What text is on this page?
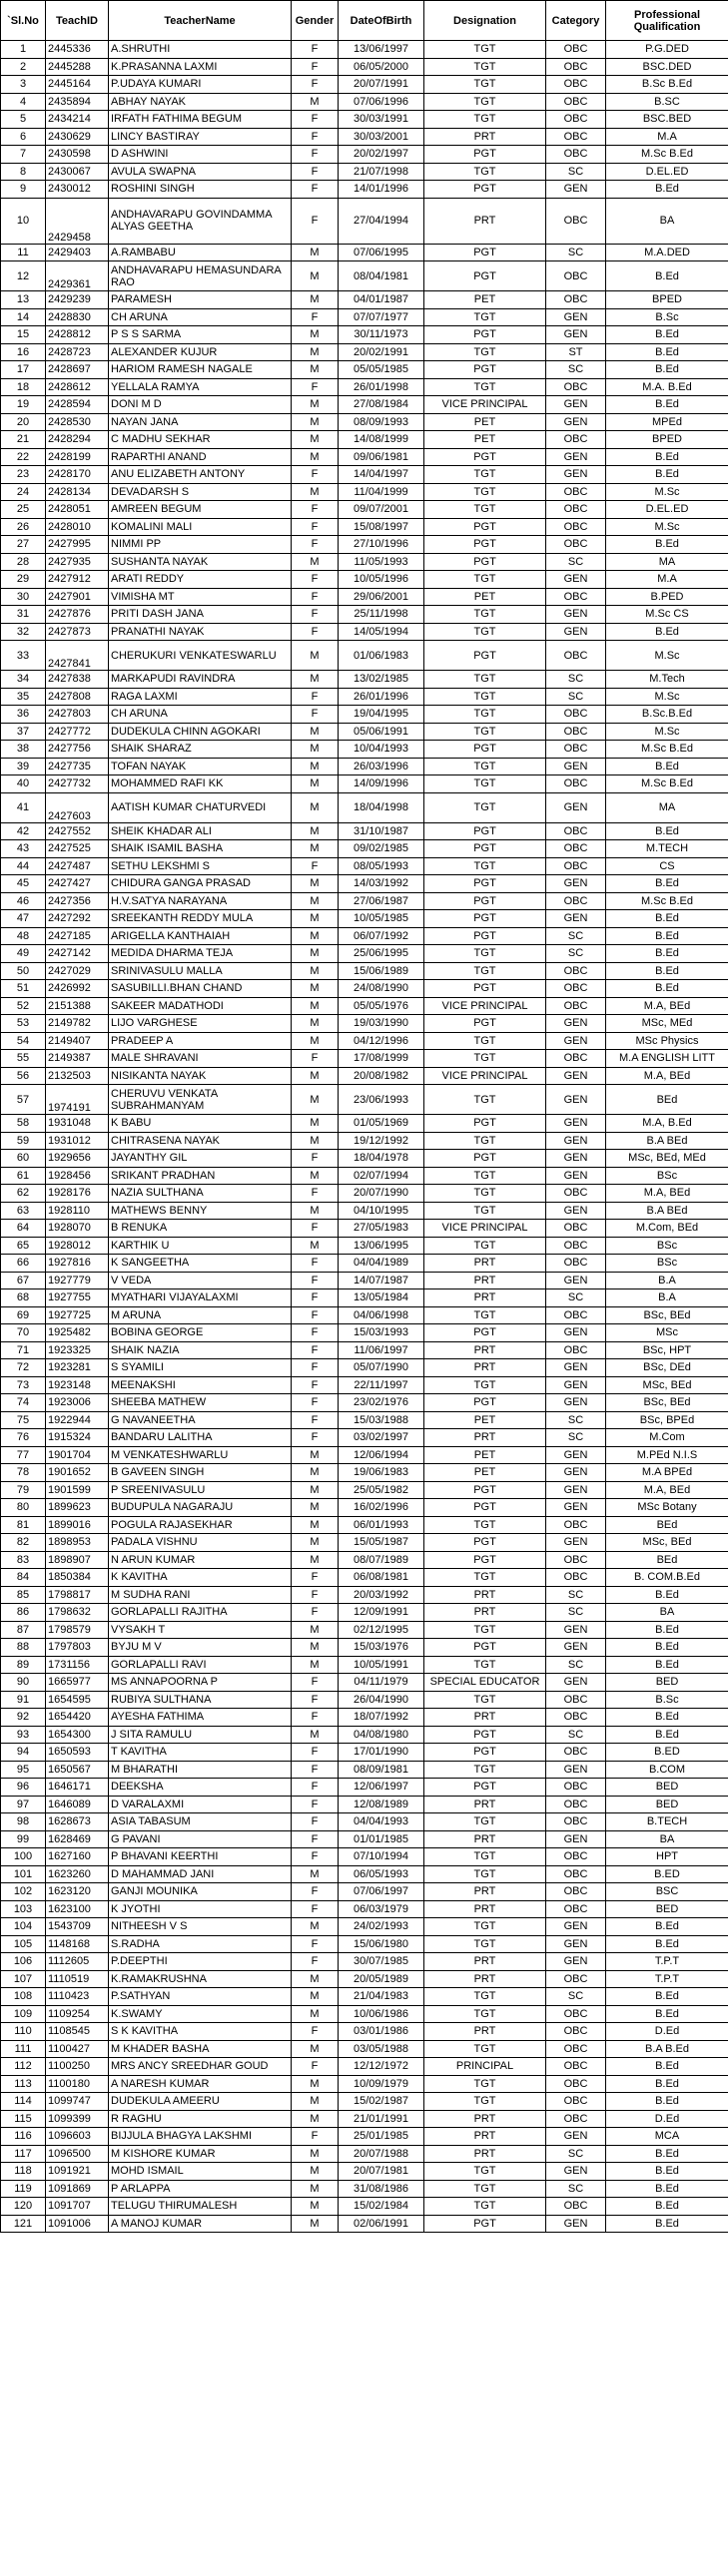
`Sl.No	TeachID	TeacherName	Gender	DateOfBirth	Designation	Category	Professional Qualification
1	2445336	A.SHRUTHI	F	13/06/1997	TGT	OBC	P.G.DED
2	2445288	K.PRASANNA LAXMI	F	06/05/2000	TGT	OBC	BSC.DED
3	2445164	P.UDAYA KUMARI	F	20/07/1991	TGT	OBC	B.Sc B.Ed
4	2435894	ABHAY NAYAK	M	07/06/1996	TGT	OBC	B.SC
5	2434214	IRFATH FATHIMA BEGUM	F	30/03/1991	TGT	OBC	BSC.BED
6	2430629	LINCY BASTIRAY	F	30/03/2001	PRT	OBC	M.A
7	2430598	D ASHWINI	F	20/02/1997	PGT	OBC	M.Sc B.Ed
8	2430067	AVULA SWAPNA	F	21/07/1998	TGT	SC	D.EL.ED
9	2430012	ROSHINI SINGH	F	14/01/1996	PGT	GEN	B.Ed
10	2429458	ANDHAVARAPU GOVINDAMMA ALYAS GEETHA	F	27/04/1994	PRT	OBC	BA
11	2429403	A.RAMBABU	M	07/06/1995	PGT	SC	M.A.DED
12	2429361	ANDHAVARAPU HEMASUNDARA RAO	M	08/04/1981	PGT	OBC	B.Ed
13	2429239	PARAMESH	M	04/01/1987	PET	OBC	BPED
14	2428830	CH ARUNA	F	07/07/1977	TGT	GEN	B.Sc
15	2428812	P S S SARMA	M	30/11/1973	PGT	GEN	B.Ed
16	2428723	ALEXANDER KUJUR	M	20/02/1991	TGT	ST	B.Ed
17	2428697	HARIOM RAMESH NAGALE	M	05/05/1985	PGT	SC	B.Ed
18	2428612	YELLALA RAMYA	F	26/01/1998	TGT	OBC	M.A. B.Ed
19	2428594	DONI M D	M	27/08/1984	VICE PRINCIPAL	GEN	B.Ed
20	2428530	NAYAN JANA	M	08/09/1993	PET	GEN	MPEd
21	2428294	C MADHU SEKHAR	M	14/08/1999	PET	OBC	BPED
22	2428199	RAPARTHI ANAND	M	09/06/1981	PGT	GEN	B.Ed
23	2428170	ANU ELIZABETH ANTONY	F	14/04/1997	TGT	GEN	B.Ed
24	2428134	DEVADARSH S	M	11/04/1999	TGT	OBC	M.Sc
25	2428051	AMREEN BEGUM	F	09/07/2001	TGT	OBC	D.EL.ED
26	2428010	KOMALINI MALI	F	15/08/1997	PGT	OBC	M.Sc
27	2427995	NIMMI PP	F	27/10/1996	PGT	OBC	B.Ed
28	2427935	SUSHANTA NAYAK	M	11/05/1993	PGT	SC	MA
29	2427912	ARATI REDDY	F	10/05/1996	TGT	GEN	M.A
30	2427901	VIMISHA MT	F	29/06/2001	PET	OBC	B.PED
31	2427876	PRITI DASH JANA	F	25/11/1998	TGT	GEN	M.Sc CS
32	2427873	PRANATHI NAYAK	F	14/05/1994	TGT	GEN	B.Ed
33	2427841	CHERUKURI VENKATESWARLU	M	01/06/1983	PGT	OBC	M.Sc
34	2427838	MARKAPUDI RAVINDRA	M	13/02/1985	TGT	SC	M.Tech
35	2427808	RAGA LAXMI	F	26/01/1996	TGT	SC	M.Sc
36	2427803	CH ARUNA	F	19/04/1995	TGT	OBC	B.Sc.B.Ed
37	2427772	DUDEKULA CHINN AGOKARI	M	05/06/1991	TGT	OBC	M.Sc
38	2427756	SHAIK SHARAZ	M	10/04/1993	PGT	OBC	M.Sc B.Ed
39	2427735	TOFAN NAYAK	M	26/03/1996	TGT	GEN	B.Ed
40	2427732	MOHAMMED RAFI KK	M	14/09/1996	TGT	OBC	M.Sc B.Ed
41	2427603	AATISH KUMAR CHATURVEDI	M	18/04/1998	TGT	GEN	MA
42	2427552	SHEIK KHADAR ALI	M	31/10/1987	PGT	OBC	B.Ed
43	2427525	SHAIK ISAMIL BASHA	M	09/02/1985	PGT	OBC	M.TECH
44	2427487	SETHU LEKSHMI S	F	08/05/1993	TGT	OBC	CS
45	2427427	CHIDURA GANGA PRASAD	M	14/03/1992	PGT	GEN	B.Ed
46	2427356	H.V.SATYA NARAYANA	M	27/06/1987	PGT	OBC	M.Sc B.Ed
47	2427292	SREEKANTH REDDY MULA	M	10/05/1985	PGT	GEN	B.Ed
48	2427185	ARIGELLA KANTHAIAH	M	06/07/1992	PGT	SC	B.Ed
49	2427142	MEDIDA DHARMA TEJA	M	25/06/1995	TGT	SC	B.Ed
50	2427029	SRINIVASULU MALLA	M	15/06/1989	TGT	OBC	B.Ed
51	2426992	SASUBILLI.BHAN CHAND	M	24/08/1990	PGT	OBC	B.Ed
52	2151388	SAKEER MADATHODI	M	05/05/1976	VICE PRINCIPAL	OBC	M.A, BEd
53	2149782	LIJO VARGHESE	M	19/03/1990	PGT	GEN	MSc, MEd
54	2149407	PRADEEP A	M	04/12/1996	TGT	GEN	MSc Physics
55	2149387	MALE SHRAVANI	F	17/08/1999	TGT	OBC	M.A ENGLISH LITT
56	2132503	NISIKANTA NAYAK	M	20/08/1982	VICE PRINCIPAL	GEN	M.A, BEd
57	1974191	CHERUVU VENKATA SUBRAHMANYAM	M	23/06/1993	TGT	GEN	BEd
58	1931048	K BABU	M	01/05/1969	PGT	GEN	M.A, B.Ed
59	1931012	CHITRASENA NAYAK	M	19/12/1992	TGT	GEN	B.A BEd
60	1929656	JAYANTHY GIL	F	18/04/1978	PGT	GEN	MSc, BEd, MEd
61	1928456	SRIKANT PRADHAN	M	02/07/1994	TGT	GEN	BSc
62	1928176	NAZIA SULTHANA	F	20/07/1990	TGT	OBC	M.A, BEd
63	1928110	MATHEWS BENNY	M	04/10/1995	TGT	GEN	B.A BEd
64	1928070	B RENUKA	F	27/05/1983	VICE PRINCIPAL	OBC	M.Com, BEd
65	1928012	KARTHIK U	M	13/06/1995	TGT	OBC	BSc
66	1927816	K SANGEETHA	F	04/04/1989	PRT	OBC	BSc
67	1927779	V VEDA	F	14/07/1987	PRT	GEN	B.A
68	1927755	MYATHARI VIJAYALAXMI	F	13/05/1984	PRT	SC	B.A
69	1927725	M ARUNA	F	04/06/1998	TGT	OBC	BSc, BEd
70	1925482	BOBINA GEORGE	F	15/03/1993	PGT	GEN	MSc
71	1923325	SHAIK NAZIA	F	11/06/1997	PRT	OBC	BSc, HPT
72	1923281	S SYAMILI	F	05/07/1990	PRT	GEN	BSc, DEd
73	1923148	MEENAKSHI	F	22/11/1997	TGT	GEN	MSc, BEd
74	1923006	SHEEBA MATHEW	F	23/02/1976	PGT	GEN	BSc, BEd
75	1922944	G NAVANEETHA	F	15/03/1988	PET	SC	BSc, BPEd
76	1915324	BANDARU LALITHA	F	03/02/1997	PRT	SC	M.Com
77	1901704	M VENKATESHWARLU	M	12/06/1994	PET	GEN	M.PEd N.I.S
78	1901652	B GAVEEN SINGH	M	19/06/1983	PET	GEN	M.A BPEd
79	1901599	P SREENIVASULU	M	25/05/1982	PGT	GEN	M.A, BEd
80	1899623	BUDUPULA NAGARAJU	M	16/02/1996	PGT	GEN	MSc Botany
81	1899016	POGULA RAJASEKHAR	M	06/01/1993	TGT	OBC	BEd
82	1898953	PADALA VISHNU	M	15/05/1987	PGT	GEN	MSc, BEd
83	1898907	N ARUN KUMAR	M	08/07/1989	PGT	OBC	BEd
84	1850384	K KAVITHA	F	06/08/1981	TGT	OBC	B. COM.B.Ed
85	1798817	M SUDHA RANI	F	20/03/1992	PRT	SC	B.Ed
86	1798632	GORLAPALLI RAJITHA	F	12/09/1991	PRT	SC	BA
87	1798579	VYSAKH T	M	02/12/1995	TGT	GEN	B.Ed
88	1797803	BYJU M V	M	15/03/1976	PGT	GEN	B.Ed
89	1731156	GORLAPALLI RAVI	M	10/05/1991	TGT	SC	B.Ed
90	1665977	MS ANNAPOORNA P	F	04/11/1979	SPECIAL EDUCATOR	GEN	BED
91	1654595	RUBIYA SULTHANA	F	26/04/1990	TGT	OBC	B.Sc
92	1654420	AYESHA FATHIMA	F	18/07/1992	PRT	OBC	B.Ed
93	1654300	J SITA RAMULU	M	04/08/1980	PGT	SC	B.Ed
94	1650593	T KAVITHA	F	17/01/1990	PGT	OBC	B.ED
95	1650567	M BHARATHI	F	08/09/1981	TGT	GEN	B.COM
96	1646171	DEEKSHA	F	12/06/1997	PGT	OBC	BED
97	1646089	D VARALAXMI	F	12/08/1989	PRT	OBC	BED
98	1628673	ASIA TABASUM	F	04/04/1993	TGT	OBC	B.TECH
99	1628469	G PAVANI	F	01/01/1985	PRT	GEN	BA
100	1627160	P BHAVANI KEERTHI	F	07/10/1994	TGT	OBC	HPT
101	1623260	D MAHAMMAD JANI	M	06/05/1993	TGT	OBC	B.ED
102	1623120	GANJI MOUNIKA	F	07/06/1997	PRT	OBC	BSC
103	1623100	K JYOTHI	F	06/03/1979	PRT	OBC	BED
104	1543709	NITHEESH V S	M	24/02/1993	TGT	GEN	B.Ed
105	1148168	S.RADHA	F	15/06/1980	TGT	GEN	B.Ed
106	1112605	P.DEEPTHI	F	30/07/1985	PRT	GEN	T.P.T
107	1110519	K.RAMAKRUSHNA	M	20/05/1989	PRT	OBC	T.P.T
108	1110423	P.SATHYAN	M	21/04/1983	TGT	SC	B.Ed
109	1109254	K.SWAMY	M	10/06/1986	TGT	OBC	B.Ed
110	1108545	S K KAVITHA	F	03/01/1986	PRT	OBC	D.Ed
111	1100427	M KHADER BASHA	M	03/05/1988	TGT	OBC	B.A B.Ed
112	1100250	MRS ANCY SREEDHAR GOUD	F	12/12/1972	PRINCIPAL	OBC	B.Ed
113	1100180	A NARESH KUMAR	M	10/09/1979	TGT	OBC	B.Ed
114	1099747	DUDEKULA AMEERU	M	15/02/1987	TGT	OBC	B.Ed
115	1099399	R RAGHU	M	21/01/1991	PRT	OBC	D.Ed
116	1096603	BIJJULA BHAGYA LAKSHMI	F	25/01/1985	PRT	GEN	MCA
117	1096500	M KISHORE KUMAR	M	20/07/1988	PRT	SC	B.Ed
118	1091921	MOHD ISMAIL	M	20/07/1981	TGT	GEN	B.Ed
119	1091869	P ARLAPPA	M	31/08/1986	TGT	SC	B.Ed
120	1091707	TELUGU THIRUMALESH	M	15/02/1984	TGT	OBC	B.Ed
121	1091006	A MANOJ KUMAR	M	02/06/1991	PGT	GEN	B.Ed
